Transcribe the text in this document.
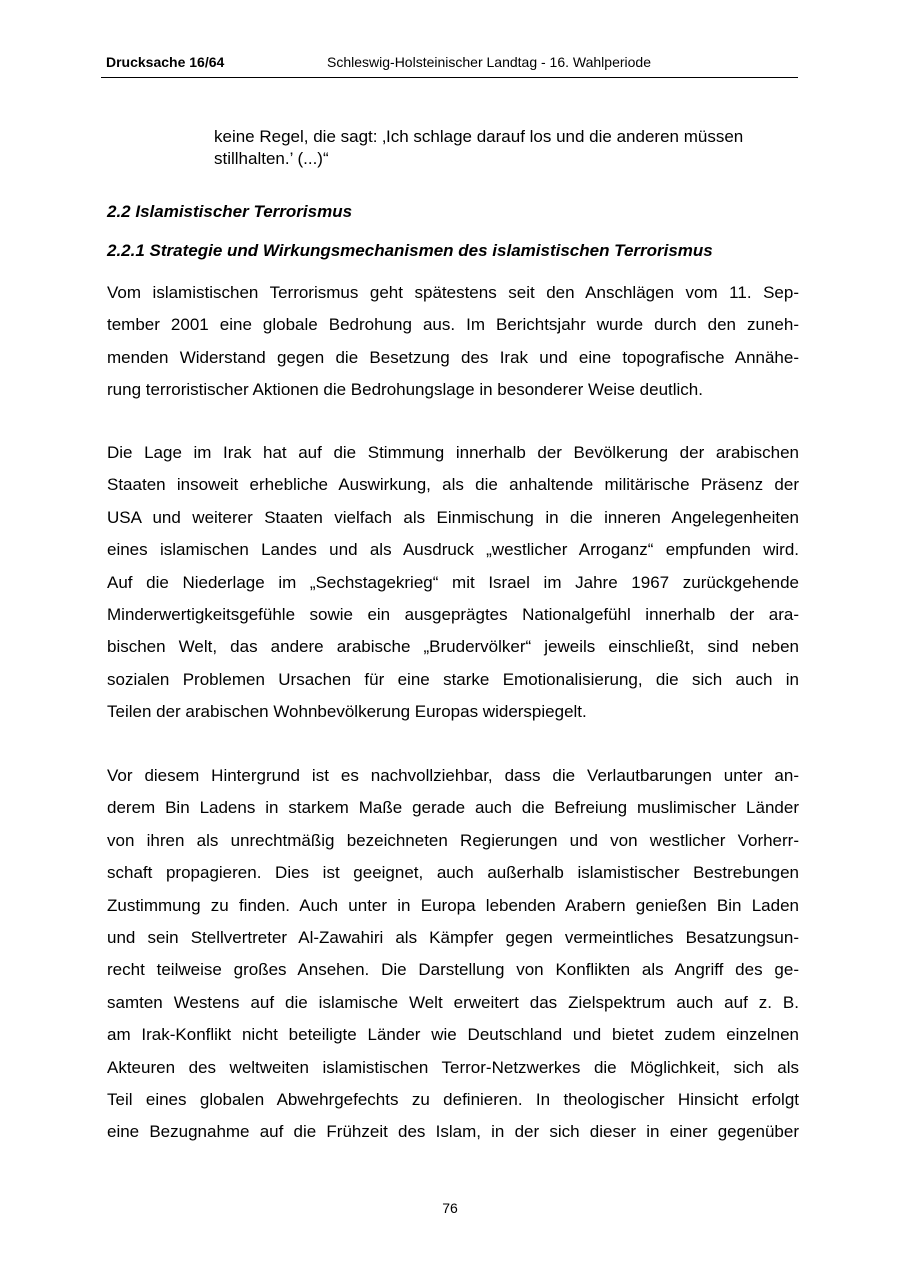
Drucksache 16/64	Schleswig-Holsteinischer Landtag - 16. Wahlperiode
keine Regel, die sagt: ‚Ich schlage darauf los und die anderen müssen
stillhalten.’ (...)“
2.2 Islamistischer Terrorismus
2.2.1 Strategie und Wirkungsmechanismen des islamistischen Terrorismus
Vom islamistischen Terrorismus geht spätestens seit den Anschlägen vom 11. Sep-
tember 2001 eine globale Bedrohung aus. Im Berichtsjahr wurde durch den zuneh-
menden Widerstand gegen die Besetzung des Irak und eine topografische Annähe-
rung terroristischer Aktionen die Bedrohungslage in besonderer Weise deutlich.
Die Lage im Irak hat auf die Stimmung innerhalb der Bevölkerung der arabischen
Staaten insoweit erhebliche Auswirkung, als die anhaltende militärische Präsenz der
USA und weiterer Staaten vielfach als Einmischung in die inneren Angelegenheiten
eines islamischen Landes und als Ausdruck „westlicher Arroganz“ empfunden wird.
Auf die Niederlage im „Sechstagekrieg“ mit Israel im Jahre 1967 zurückgehende
Minderwertigkeitsgefühle sowie ein ausgeprägtes Nationalgefühl innerhalb der ara-
bischen Welt, das andere arabische „Brudervölker“ jeweils einschließt, sind neben
sozialen Problemen Ursachen für eine starke Emotionalisierung, die sich auch in
Teilen der arabischen Wohnbevölkerung Europas widerspiegelt.
Vor diesem Hintergrund ist es nachvollziehbar, dass die Verlautbarungen unter an-
derem Bin Ladens in starkem Maße gerade auch die Befreiung muslimischer Länder
von ihren als unrechtmäßig bezeichneten Regierungen und von westlicher Vorherr-
schaft propagieren. Dies ist geeignet, auch außerhalb islamistischer Bestrebungen
Zustimmung zu finden. Auch unter in Europa lebenden Arabern genießen Bin Laden
und sein Stellvertreter Al-Zawahiri als Kämpfer gegen vermeintliches Besatzungsun-
recht teilweise großes Ansehen. Die Darstellung von Konflikten als Angriff des ge-
samten Westens auf die islamische Welt erweitert das Zielspektrum auch auf z. B.
am Irak-Konflikt nicht beteiligte Länder wie Deutschland und bietet zudem einzelnen
Akteuren des weltweiten islamistischen Terror-Netzwerkes die Möglichkeit, sich als
Teil eines globalen Abwehrgefechts zu definieren. In theologischer Hinsicht erfolgt
eine Bezugnahme auf die Frühzeit des Islam, in der sich dieser in einer gegenüber
76
